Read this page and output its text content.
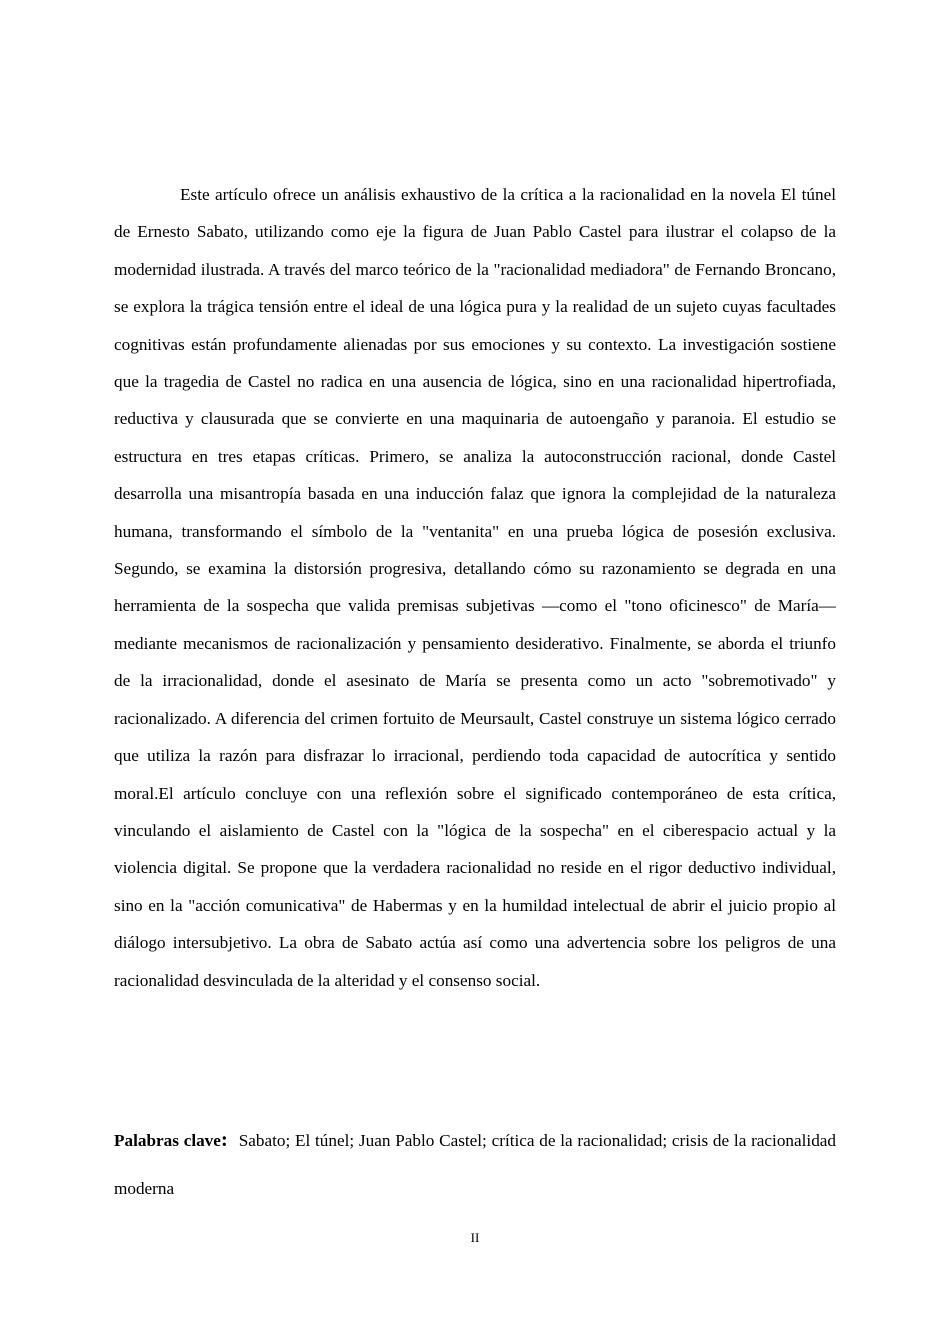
Este artículo ofrece un análisis exhaustivo de la crítica a la racionalidad en la novela El túnel de Ernesto Sabato, utilizando como eje la figura de Juan Pablo Castel para ilustrar el colapso de la modernidad ilustrada. A través del marco teórico de la "racionalidad mediadora" de Fernando Broncano, se explora la trágica tensión entre el ideal de una lógica pura y la realidad de un sujeto cuyas facultades cognitivas están profundamente alienadas por sus emociones y su contexto. La investigación sostiene que la tragedia de Castel no radica en una ausencia de lógica, sino en una racionalidad hipertrofiada, reductiva y clausurada que se convierte en una maquinaria de autoengaño y paranoia. El estudio se estructura en tres etapas críticas. Primero, se analiza la autoconstrucción racional, donde Castel desarrolla una misantropía basada en una inducción falaz que ignora la complejidad de la naturaleza humana, transformando el símbolo de la "ventanita" en una prueba lógica de posesión exclusiva. Segundo, se examina la distorsión progresiva, detallando cómo su razonamiento se degrada en una herramienta de la sospecha que valida premisas subjetivas —como el "tono oficinesco" de María— mediante mecanismos de racionalización y pensamiento desiderativo. Finalmente, se aborda el triunfo de la irracionalidad, donde el asesinato de María se presenta como un acto "sobremotivado" y racionalizado. A diferencia del crimen fortuito de Meursault, Castel construye un sistema lógico cerrado que utiliza la razón para disfrazar lo irracional, perdiendo toda capacidad de autocrítica y sentido moral.El artículo concluye con una reflexión sobre el significado contemporáneo de esta crítica, vinculando el aislamiento de Castel con la "lógica de la sospecha" en el ciberespacio actual y la violencia digital. Se propone que la verdadera racionalidad no reside en el rigor deductivo individual, sino en la "acción comunicativa" de Habermas y en la humildad intelectual de abrir el juicio propio al diálogo intersubjetivo. La obra de Sabato actúa así como una advertencia sobre los peligros de una racionalidad desvinculada de la alteridad y el consenso social.

Palabras clave: Sabato; El túnel; Juan Pablo Castel; crítica de la racionalidad; crisis de la racionalidad moderna

II
